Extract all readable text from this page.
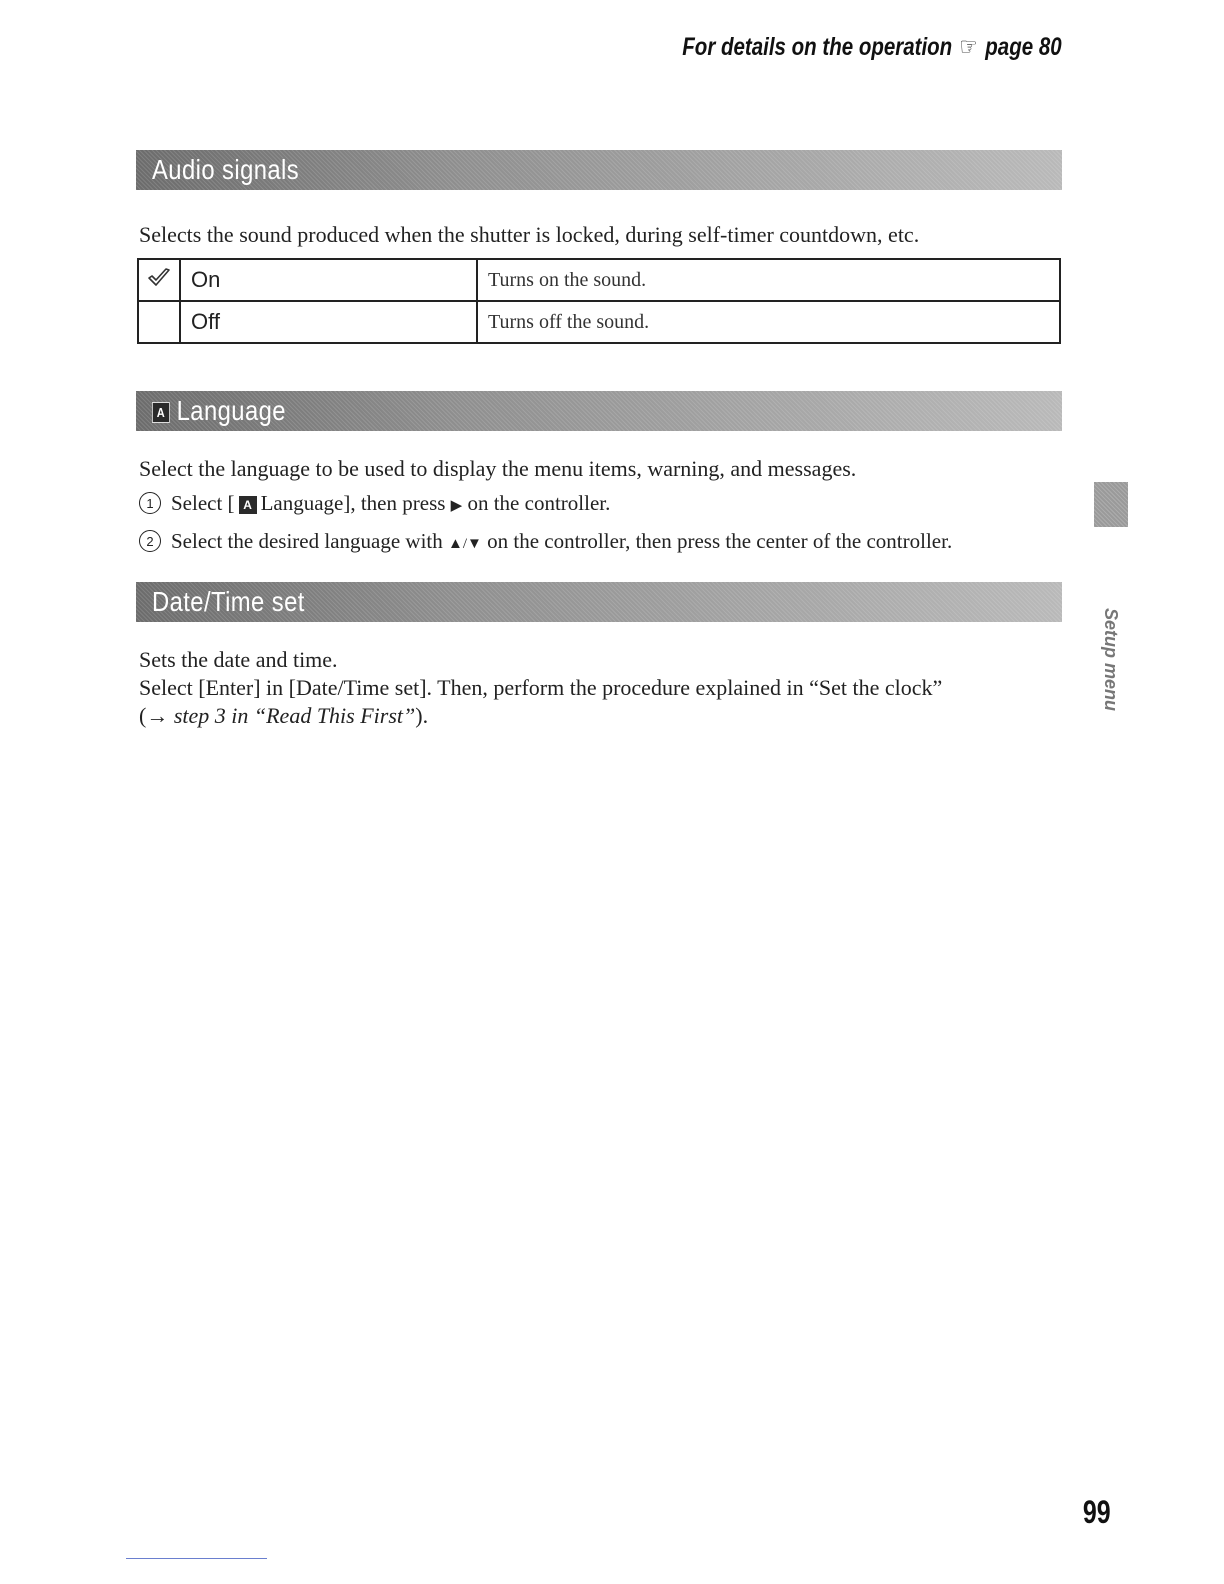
For details on the operation ☞ page 80
Audio signals
Selects the sound produced when the shutter is locked, during self-timer countdown, etc.
	On	Turns on the sound.
	Off	Turns off the sound.
A Language
Select the language to be used to display the menu items, warning, and messages.
1 Select [ A Language], then press ▶ on the controller.
2 Select the desired language with ▲/▼ on the controller, then press the center of the controller.
Date/Time set
Sets the date and time.
Select [Enter] in [Date/Time set]. Then, perform the procedure explained in “Set the clock”
(→ step 3 in “Read This First”).
Setup menu
99
